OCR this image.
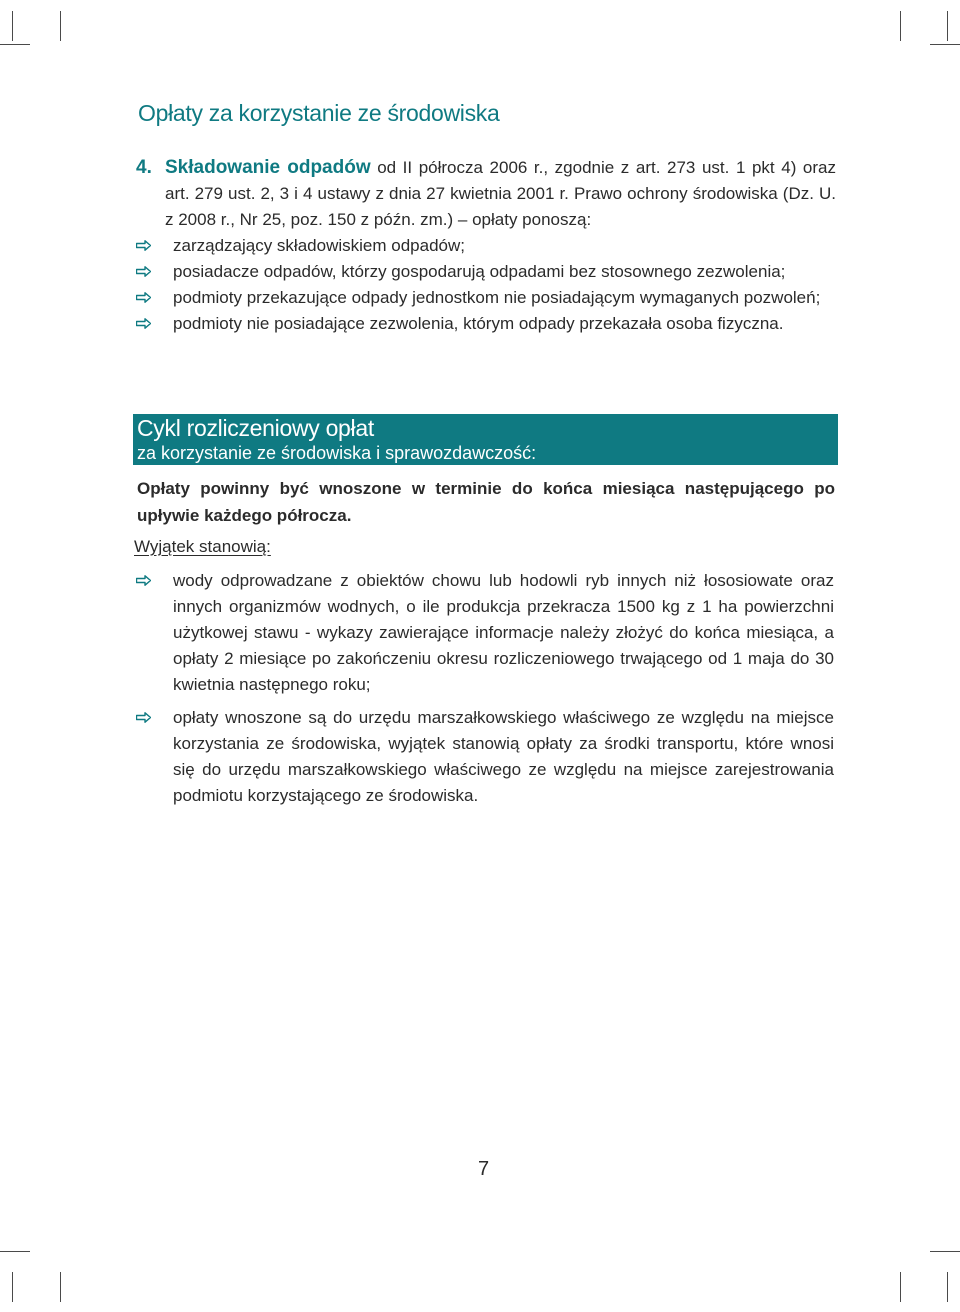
Opłaty za korzystanie ze środowiska
4. Składowanie odpadów od II półrocza 2006 r., zgodnie z art. 273 ust. 1 pkt 4) oraz art. 279 ust. 2, 3 i 4 ustawy z dnia 27 kwietnia 2001 r. Prawo ochrony środowiska (Dz. U. z 2008 r., Nr 25, poz. 150 z późn. zm.) – opłaty ponoszą:
zarządzający składowiskiem odpadów;
posiadacze odpadów, którzy gospodarują odpadami bez stosownego zezwolenia;
podmioty przekazujące odpady jednostkom nie posiadającym wymaganych pozwoleń;
podmioty nie posiadające zezwolenia, którym odpady przekazała osoba fizyczna.
Cykl rozliczeniowy opłat
za korzystanie ze środowiska i sprawozdawczość:
Opłaty powinny być wnoszone w terminie do końca miesiąca następującego po upływie każdego półrocza.
Wyjątek stanowią:
wody odprowadzane z obiektów chowu lub hodowli ryb innych niż łososiowate oraz innych organizmów wodnych, o ile produkcja przekracza 1500 kg z 1 ha powierzchni użytkowej stawu - wykazy zawierające informacje należy złożyć do końca miesiąca, a opłaty 2 miesiące po zakończeniu okresu rozliczeniowego trwającego od 1 maja do 30 kwietnia następnego roku;
opłaty wnoszone są do urzędu marszałkowskiego właściwego ze względu na miejsce korzystania ze środowiska, wyjątek stanowią opłaty za środki transportu, które wnosi się do urzędu marszałkowskiego właściwego ze względu na miejsce zarejestrowania podmiotu korzystającego ze środowiska.
7
